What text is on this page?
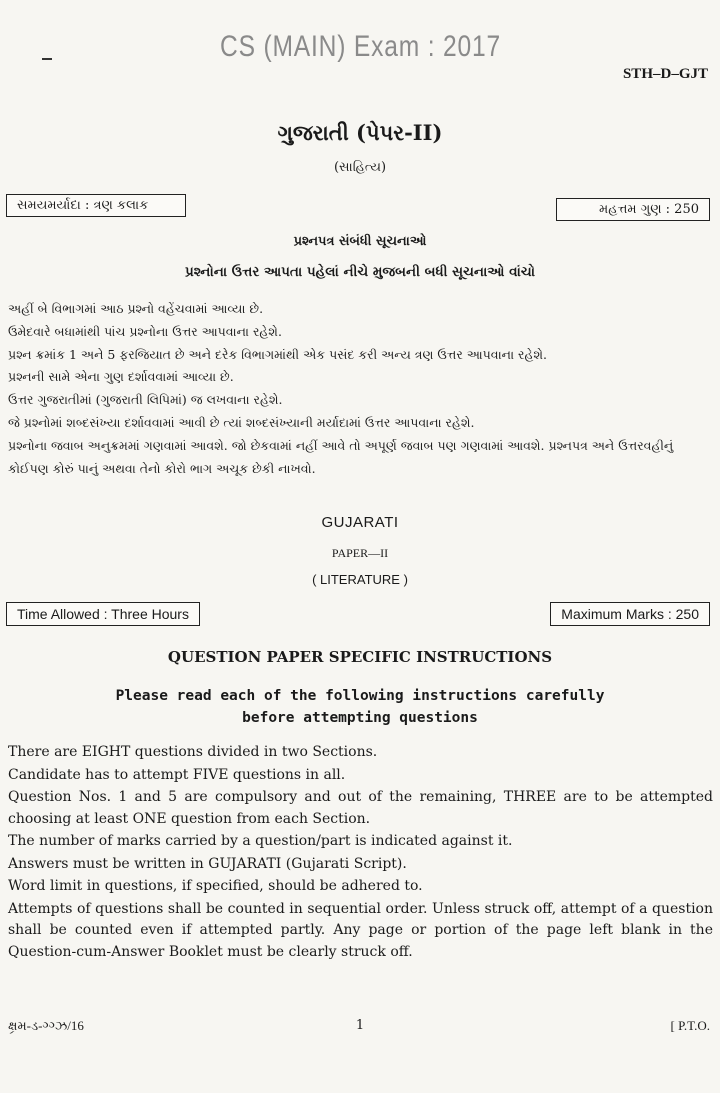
CS (MAIN) Exam : 2017
STH–D–GJT
ગુજરાતી (પેપર-II)
(સાહિત્ય)
સમયમર્યાદા : ત્રણ કલાક	મહત્તમ ગુણ : 250
પ્રશ્નપત્ર સંબંધી સૂચનાઓ
પ્રશ્નોના ઉત્તર આપતા પહેલાં નીચે મુજબની બધી સૂચનાઓ વાંચો
અહીં બે વિભાગમાં આઠ પ્રશ્નો વહેંચવામાં આવ્યા છે.
ઉમેદવારે બધામાંથી પાંચ પ્રશ્નોના ઉત્તર આપવાના રહેશે.
પ્રશ્ન ક્રમાંક 1 અને 5 ફરજિયાત છે અને દરેક વિભાગમાંથી એક પસંદ કરી અન્ય ત્રણ ઉત્તર આપવાના રહેશે.
પ્રશ્નની સામે એના ગુણ દર્શાવવામાં આવ્યા છે.
ઉત્તર ગુજરાતીમાં (ગુજરાતી લિપિમાં) જ લખવાના રહેશે.
જે પ્રશ્નોમાં શબ્દસંખ્યા દર્શાવવામાં આવી છે ત્યાં શબ્દસંખ્યાની મર્યાદામાં ઉત્તર આપવાના રહેશે.
પ્રશ્નોના જવાબ અનુક્રમમાં ગણવામાં આવશે. જો છેકવામાં નહીં આવે તો અપૂર્ણ જવાબ પણ ગણવામાં આવશે. પ્રશ્નપત્ર અને ઉત્તરવહીનું કોઈપણ કોરું પાનું અથવા તેનો કોરો ભાગ અચૂક છેકી નાખવો.
GUJARATI
PAPER—II
( LITERATURE )
Time Allowed : Three Hours	Maximum Marks : 250
QUESTION PAPER SPECIFIC INSTRUCTIONS
Please read each of the following instructions carefully
before attempting questions
There are EIGHT questions divided in two Sections.
Candidate has to attempt FIVE questions in all.
Question Nos. 1 and 5 are compulsory and out of the remaining, THREE are to be attempted choosing at least ONE question from each Section.
The number of marks carried by a question/part is indicated against it.
Answers must be written in GUJARATI (Gujarati Script).
Word limit in questions, if specified, should be adhered to.
Attempts of questions shall be counted in sequential order. Unless struck off, attempt of a question shall be counted even if attempted partly. Any page or portion of the page left blank in the Question-cum-Answer Booklet must be clearly struck off.
ક્ષ્રમ-ડ-ગ્ગ્ઝ/16	1	[ P.T.O.
